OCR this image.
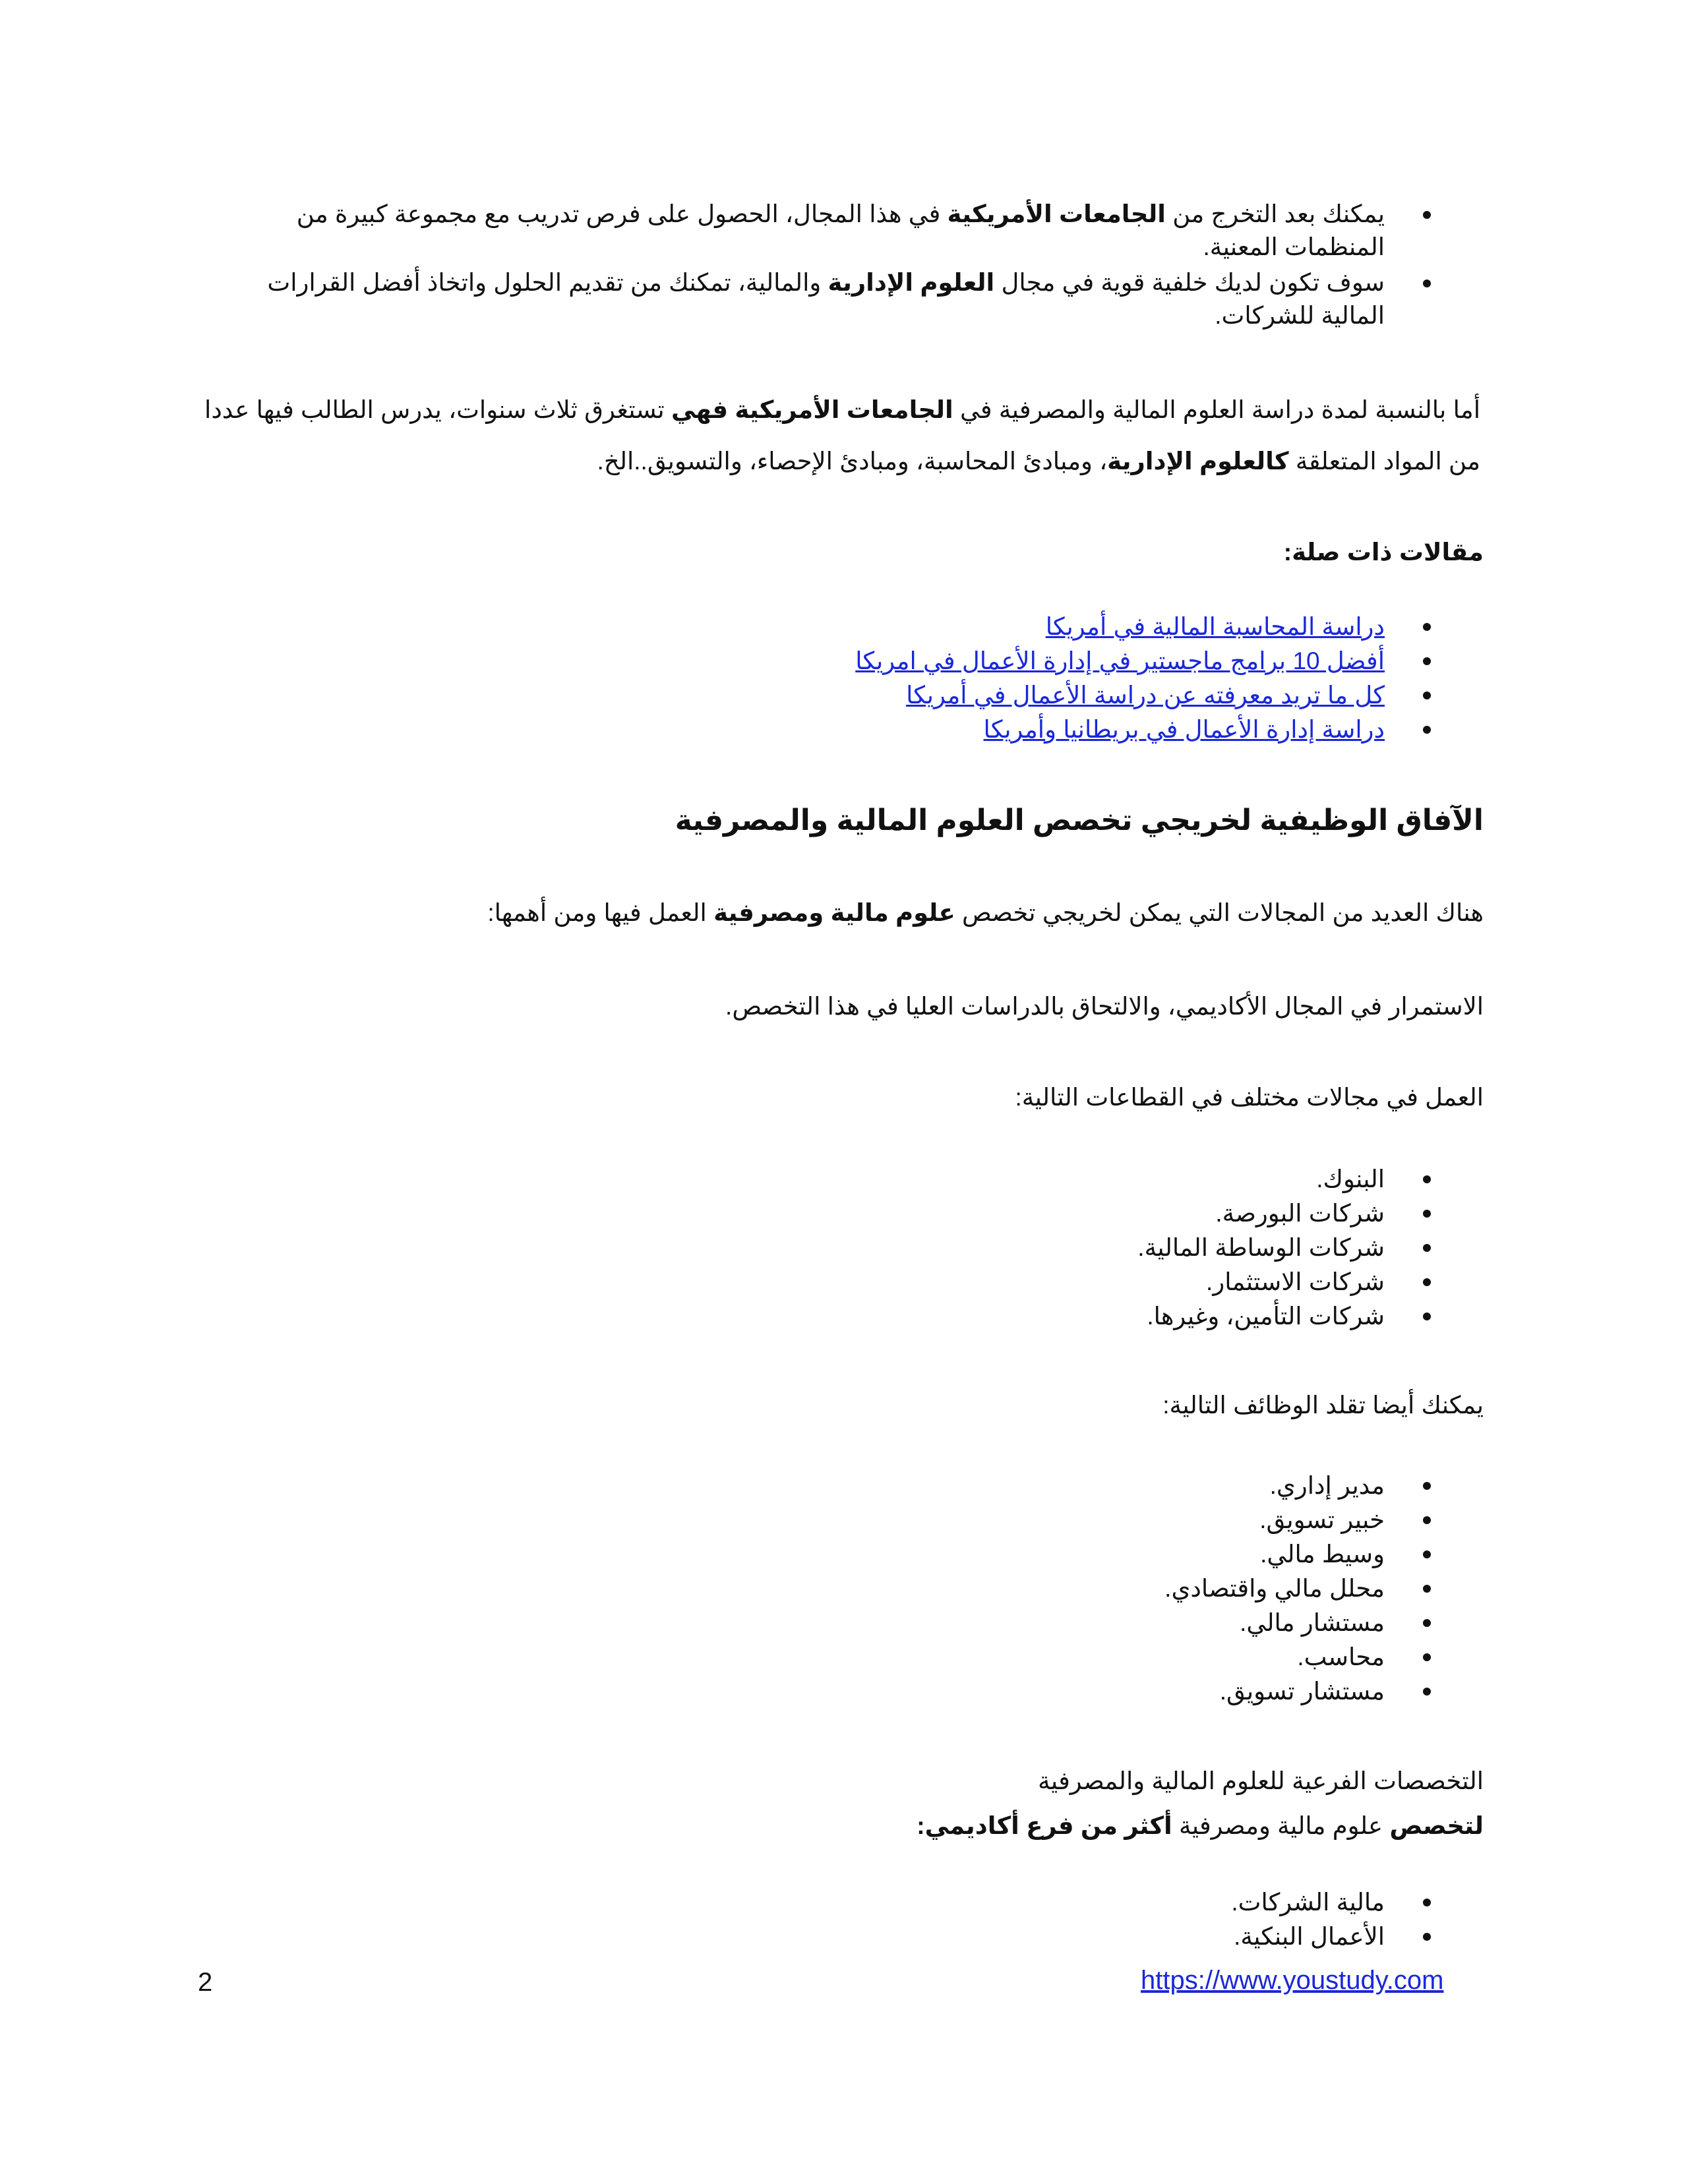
يمكنك بعد التخرج من الجامعات الأمريكية في هذا المجال، الحصول على فرص تدريب مع مجموعة كبيرة من المنظمات المعنية.
سوف تكون لديك خلفية قوية في مجال العلوم الإدارية والمالية، تمكنك من تقديم الحلول واتخاذ أفضل القرارات المالية للشركات.

أما بالنسبة لمدة دراسة العلوم المالية والمصرفية في الجامعات الأمريكية فهي تستغرق ثلاث سنوات، يدرس الطالب فيها عددا من المواد المتعلقة كالعلوم الإدارية، ومبادئ المحاسبة، ومبادئ الإحصاء، والتسويق..الخ.

مقالات ذات صلة:

دراسة المحاسبة المالية في أمريكا
أفضل 10 برامج ماجستير في إدارة الأعمال في امريكا
كل ما تريد معرفته عن دراسة الأعمال في أمريكا
دراسة إدارة الأعمال في بريطانيا وأمريكا

الآفاق الوظيفية لخريجي تخصص العلوم المالية والمصرفية

هناك العديد من المجالات التي يمكن لخريجي تخصص علوم مالية ومصرفية العمل فيها ومن أهمها:

الاستمرار في المجال الأكاديمي، والالتحاق بالدراسات العليا في هذا التخصص.

العمل في مجالات مختلف في القطاعات التالية:

البنوك.
شركات البورصة.
شركات الوساطة المالية.
شركات الاستثمار.
شركات التأمين، وغيرها.

يمكنك أيضا تقلد الوظائف التالية:

مدير إداري.
خبير تسويق.
وسيط مالي.
محلل مالي واقتصادي.
مستشار مالي.
محاسب.
مستشار تسويق.

التخصصات الفرعية للعلوم المالية والمصرفية

لتخصص علوم مالية ومصرفية أكثر من فرع أكاديمي:

مالية الشركات.
الأعمال البنكية.
2	https://www.youstudy.com
